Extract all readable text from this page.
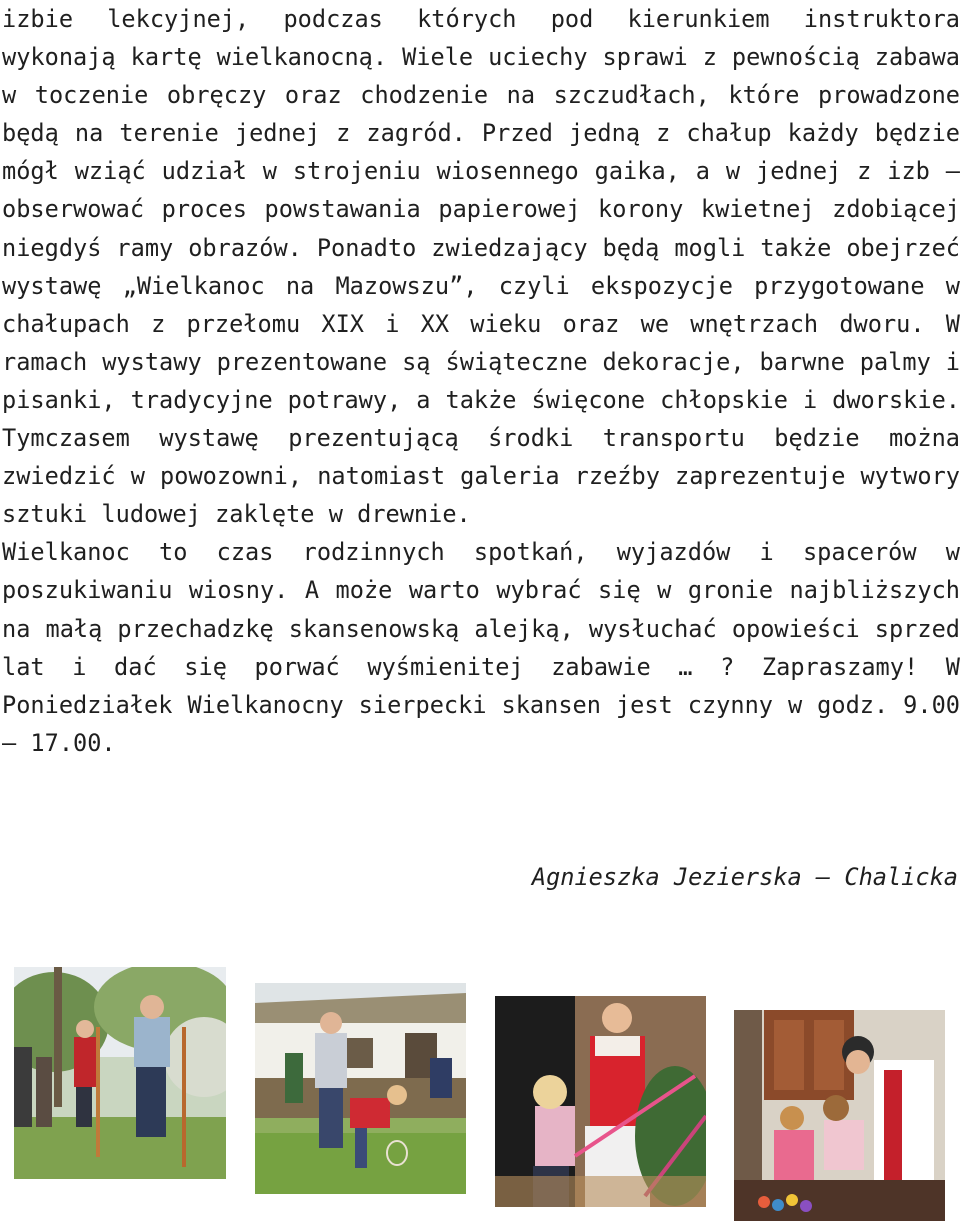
izbie lekcyjnej, podczas których pod kierunkiem instruktora wykonają kartę wielkanocną. Wiele uciechy sprawi z pewnością zabawa w toczenie obręczy oraz chodzenie na szczudłach, które prowadzone będą na terenie jednej z zagród. Przed jedną z chałup każdy będzie mógł wziąć udział w strojeniu wiosennego gaika, a w jednej z izb – obserwować proces powstawania papierowej korony kwietnej zdobiącej niegdyś ramy obrazów. Ponadto zwiedzający będą mogli także obejrzeć wystawę „Wielkanoc na Mazowszu”, czyli ekspozycje przygotowane w chałupach z przełomu XIX i XX wieku oraz we wnętrzach dworu. W ramach wystawy prezentowane są świąteczne dekoracje, barwne palmy i pisanki, tradycyjne potrawy, a także święcone chłopskie i dworskie. Tymczasem wystawę prezentującą środki transportu będzie można zwiedzić w powozowni, natomiast galeria rzeźby zaprezentuje wytwory sztuki ludowej zaklęte w drewnie.

Wielkanoc to czas rodzinnych spotkań, wyjazdów i spacerów w poszukiwaniu wiosny. A może warto wybrać się w gronie najbliższych na małą przechadzkę skansenowską alejką, wysłuchać opowieści sprzed lat i dać się porwać wyśmienitej zabawie … ? Zapraszamy! W Poniedziałek Wielkanocny sierpecki skansen jest czynny w godz. 9.00 – 17.00.

Agnieszka Jezierska – Chalicka
